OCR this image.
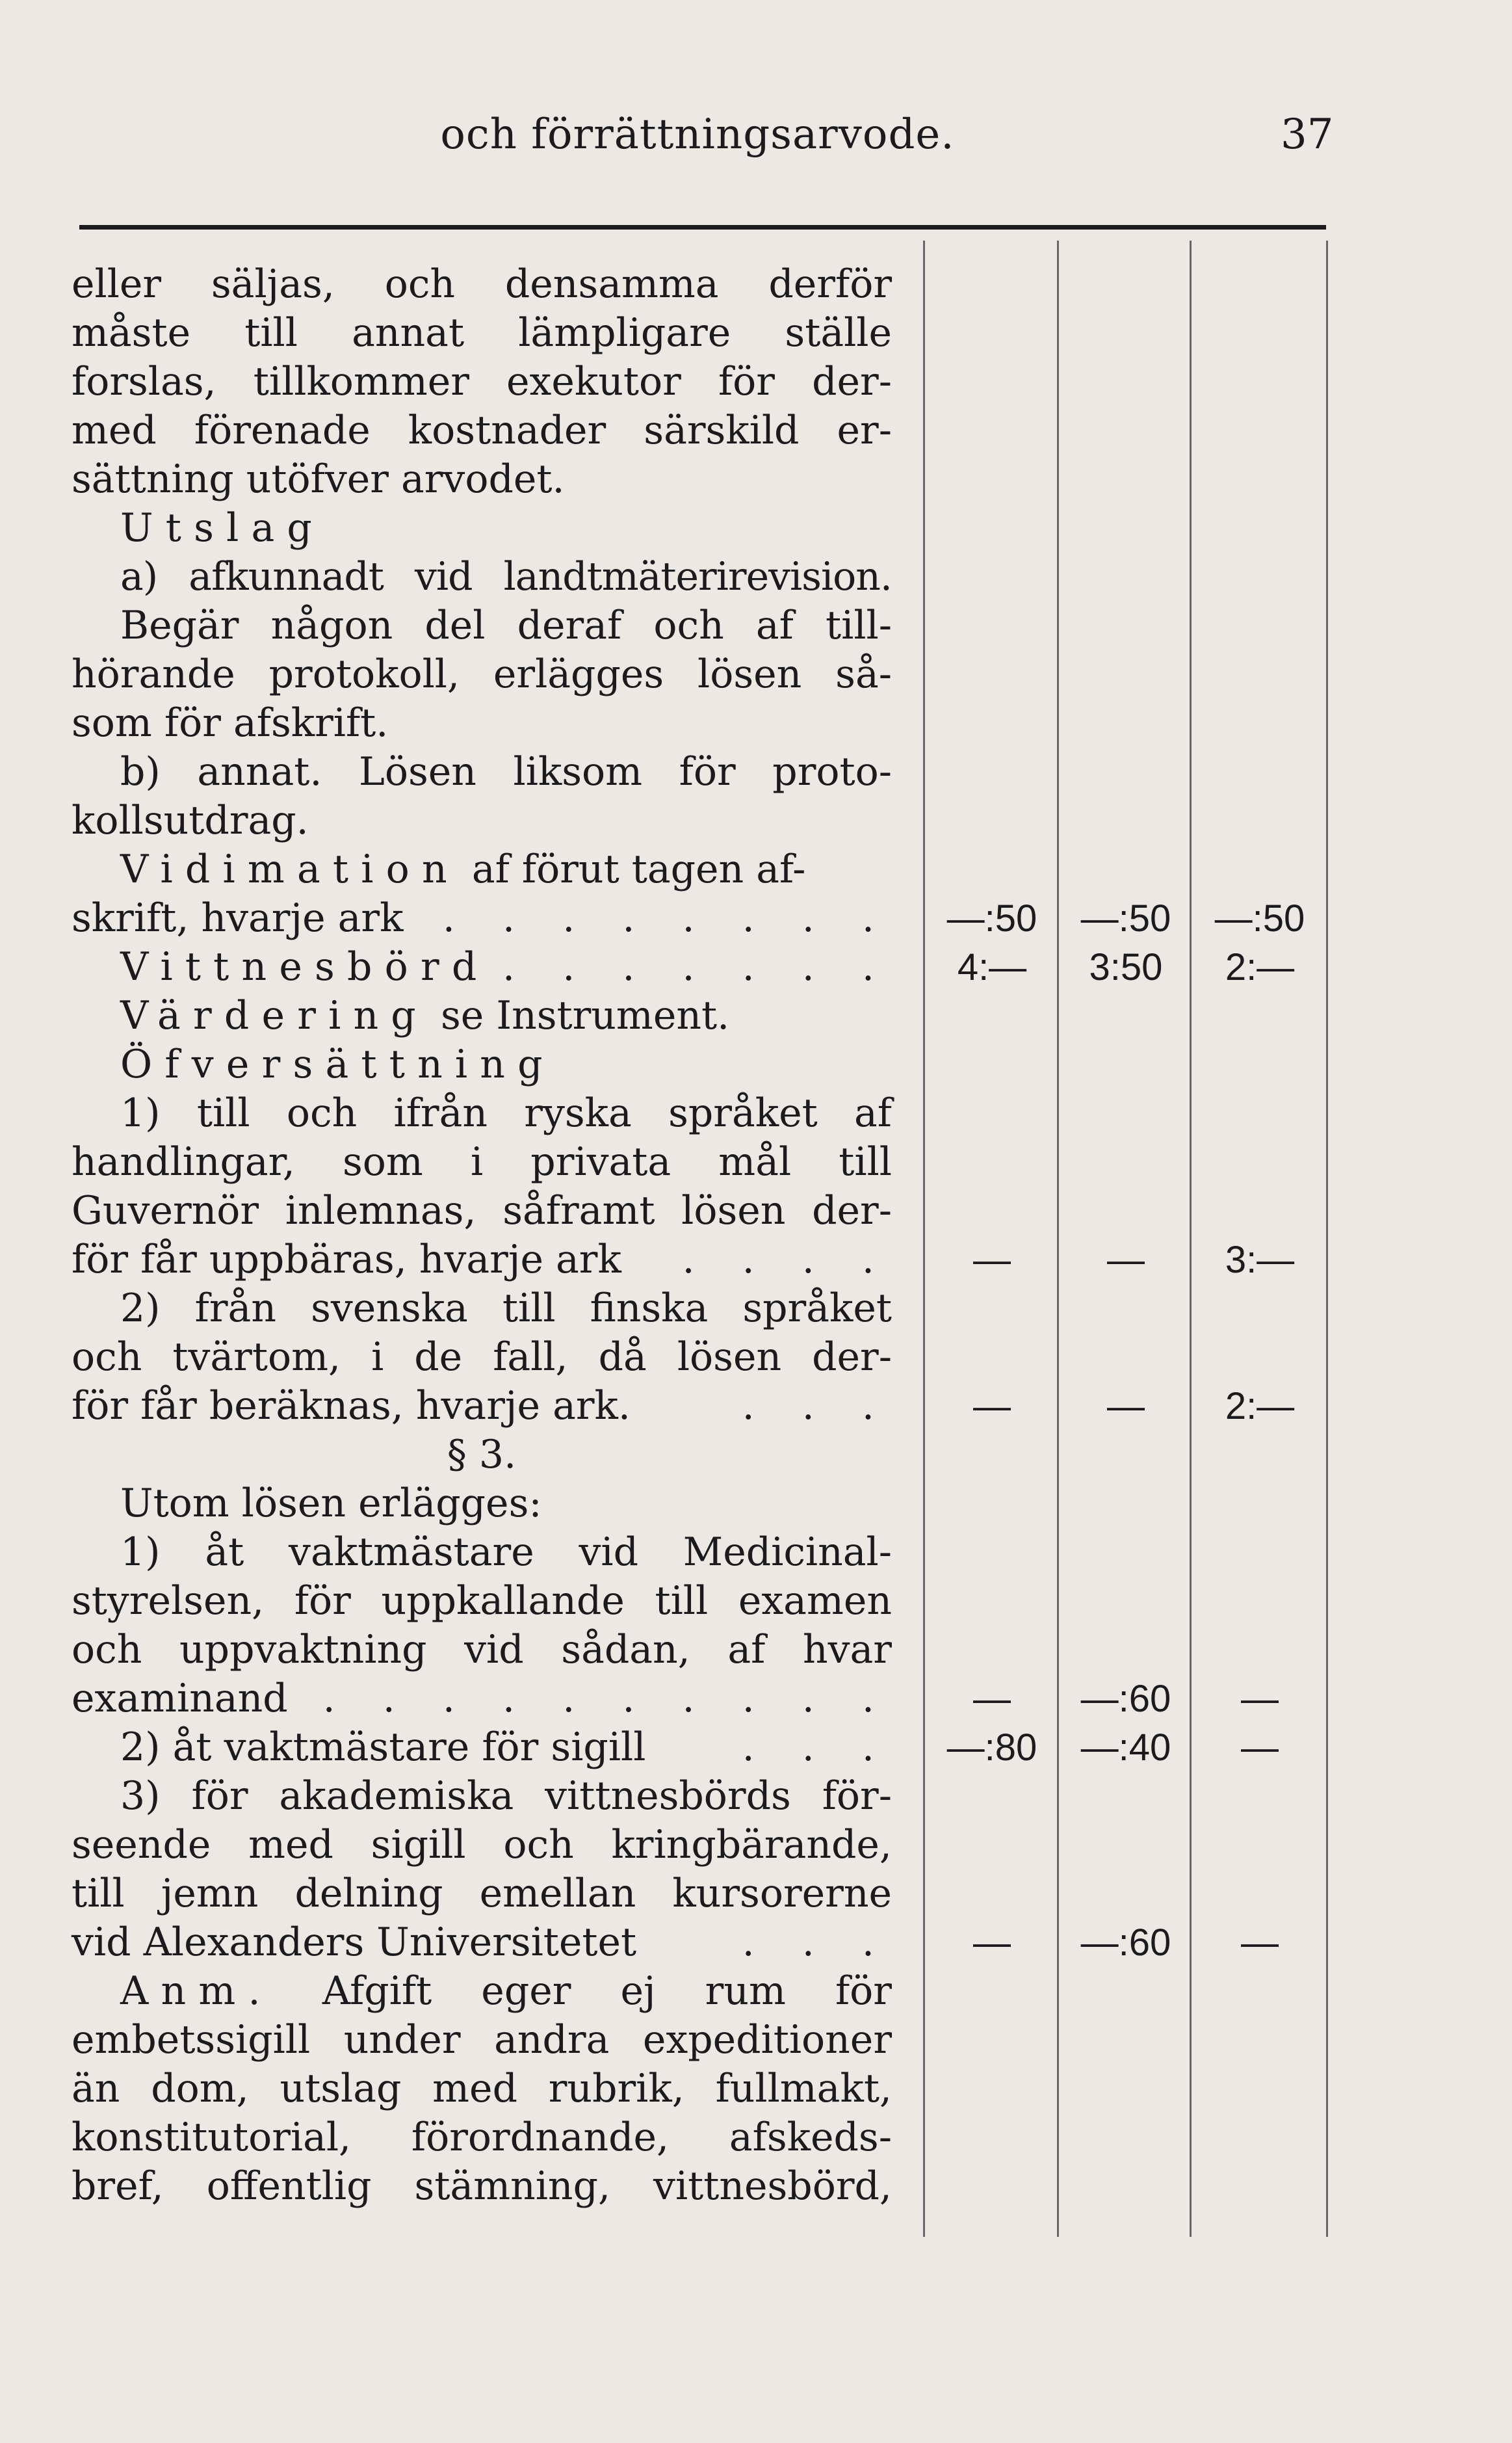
och förrättningsarvode.	37
eller säljas, och densamma derför
måste till annat lämpligare ställe
forslas, tillkommer exekutor för der-
med förenade kostnader särskild er-
sättning utöfver arvodet.
Utslag
a) afkunnadt vid landtmäterirevision.
Begär någon del deraf och af till-
hörande protokoll, erlägges lösen så-
som för afskrift.
b) annat. Lösen liksom för proto-
kollsutdrag.
Vidimation af förut tagen af-
skrift, hvarje ark . . . . . . . .	—:50	—:50	—:50
Vittnesbörd . . . . . . .	4:—	3:50	2:—
Värdering se Instrument.
Öfversättning
1) till och ifrån ryska språket af
handlingar, som i privata mål till
Guvernör inlemnas, såframt lösen der-
för får uppbäras, hvarje ark . . . .	—	—	3:—
2) från svenska till finska språket
och tvärtom, i de fall, då lösen der-
för får beräknas, hvarje ark.	. . .	—	—	2:—
§ 3.
Utom lösen erlägges:
1) åt vaktmästare vid Medicinal-
styrelsen, för uppkallande till examen
och uppvaktning vid sådan, af hvar
examinand . . . . . . . . . .	—	—:60	—
2) åt vaktmästare för sigill . . .	—:80	—:40	—
3) för akademiska vittnesbörds för-
seende med sigill och kringbärande,
till jemn delning emellan kursorerne
vid Alexanders Universitetet	. . .	—	—:60	—
Anm. Afgift eger ej rum för
embetssigill under andra expeditioner
än dom, utslag med rubrik, fullmakt,
konstitutorial, förordnande, afskeds-
bref, offentlig stämning, vittnesbörd,
